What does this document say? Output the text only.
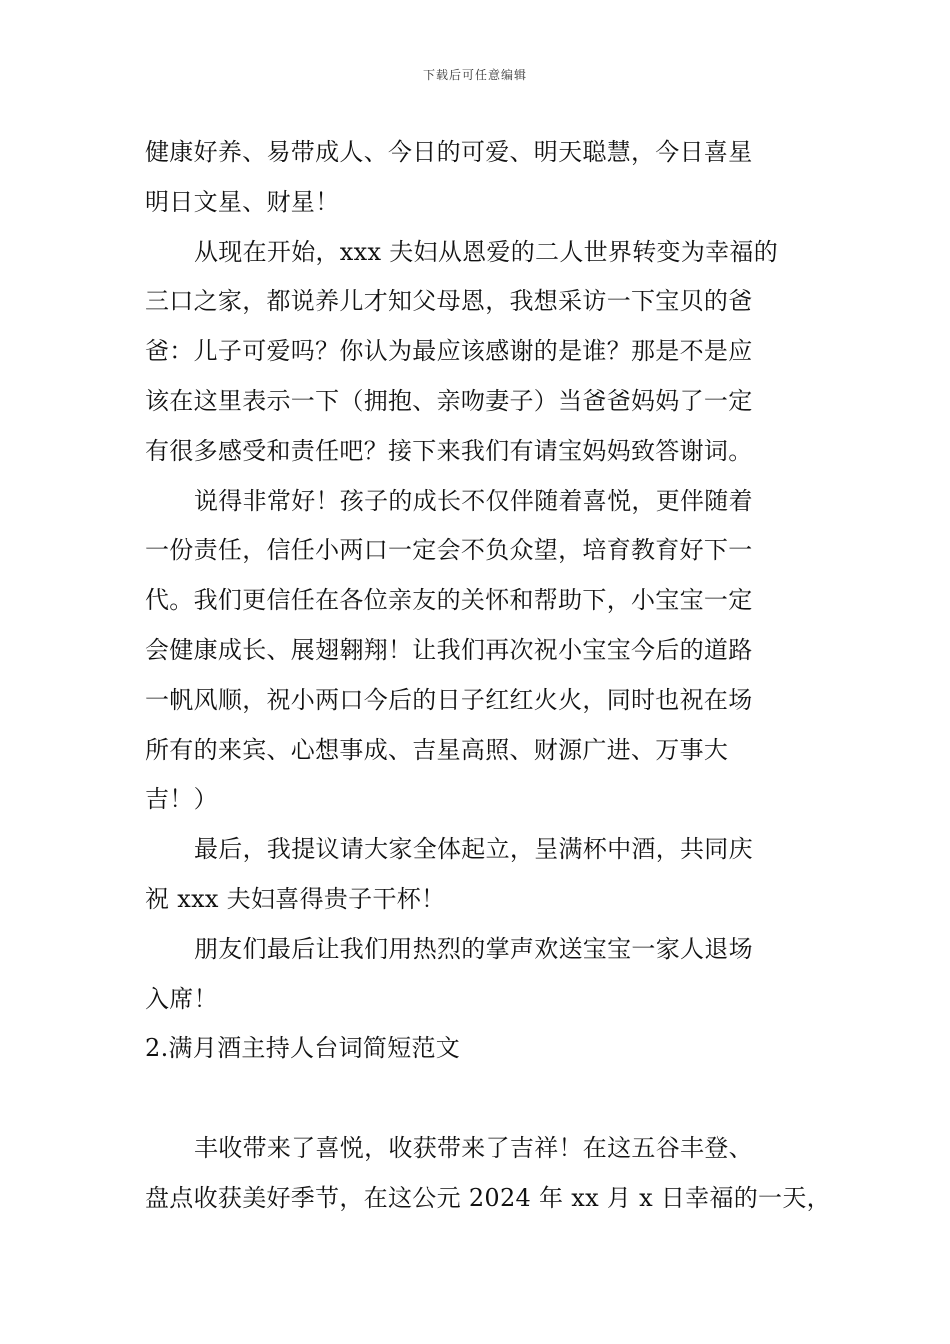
下载后可任意编辑
健康好养、易带成人、今日的可爱、明天聪慧，今日喜星
明日文星、财星！
从现在开始，xxx 夫妇从恩爱的二人世界转变为幸福的
三口之家，都说养儿才知父母恩，我想采访一下宝贝的爸
爸：儿子可爱吗？你认为最应该感谢的是谁？那是不是应
该在这里表示一下（拥抱、亲吻妻子）当爸爸妈妈了一定
有很多感受和责任吧？接下来我们有请宝妈妈致答谢词。
说得非常好！孩子的成长不仅伴随着喜悦，更伴随着
一份责任，信任小两口一定会不负众望，培育教育好下一
代。我们更信任在各位亲友的关怀和帮助下，小宝宝一定
会健康成长、展翅翱翔！让我们再次祝小宝宝今后的道路
一帆风顺，祝小两口今后的日子红红火火，同时也祝在场
所有的来宾、心想事成、吉星高照、财源广进、万事大
吉！）
最后，我提议请大家全体起立，呈满杯中酒，共同庆
祝 xxx 夫妇喜得贵子干杯！
朋友们最后让我们用热烈的掌声欢送宝宝一家人退场
入席！
2.满月酒主持人台词简短范文
丰收带来了喜悦，收获带来了吉祥！在这五谷丰登、
盘点收获美好季节，在这公元 2024 年 xx 月 x 日幸福的一天，
